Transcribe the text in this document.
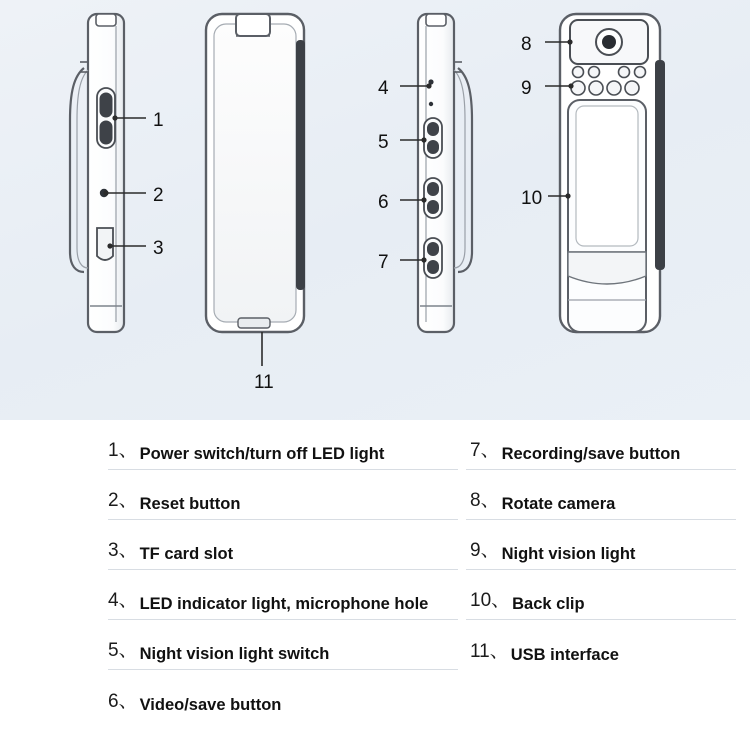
1
2
3
11
4
5
6
7
8
9
10
1、 Power switch/turn off LED light
2、 Reset button
3、 TF card slot
4、 LED indicator light, microphone hole
5、 Night vision light switch
6、 Video/save button
7、 Recording/save button
8、 Rotate camera
9、 Night vision light
10、 Back clip
11、 USB interface
